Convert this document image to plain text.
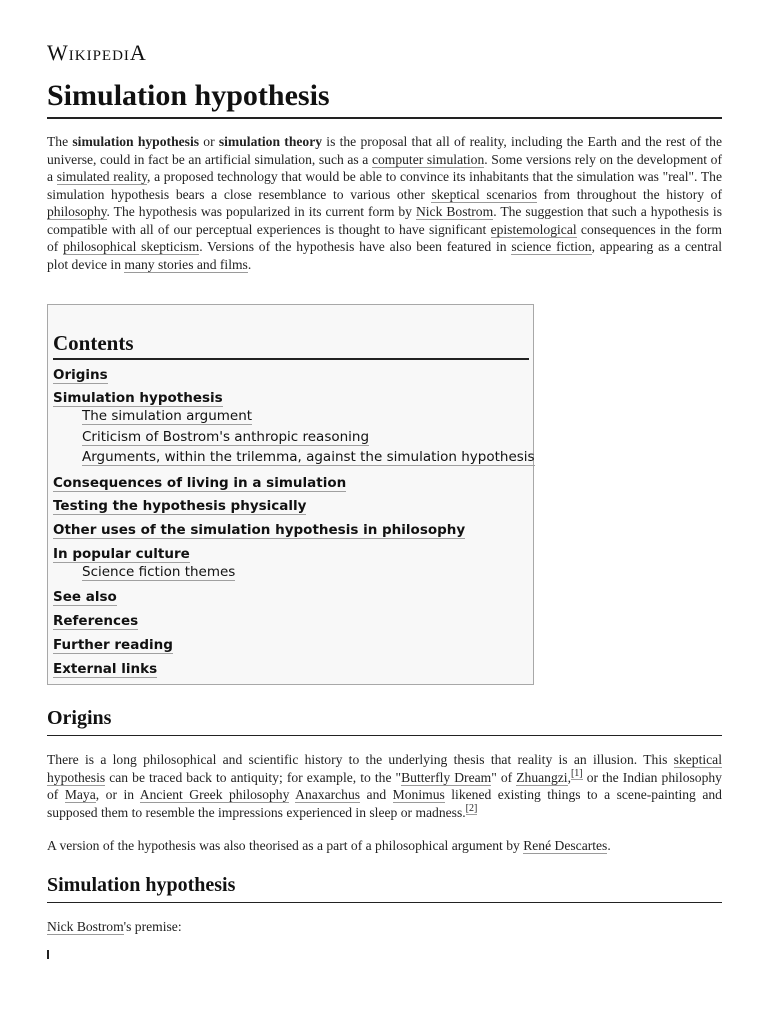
WikipediA
Simulation hypothesis

The simulation hypothesis or simulation theory is the proposal that all of reality, including the Earth and the rest of the universe, could in fact be an artificial simulation, such as a computer simulation. Some versions rely on the development of a simulated reality, a proposed technology that would be able to convince its inhabitants that the simulation was "real". The simulation hypothesis bears a close resemblance to various other skeptical scenarios from throughout the history of philosophy. The hypothesis was popularized in its current form by Nick Bostrom. The suggestion that such a hypothesis is compatible with all of our perceptual experiences is thought to have significant epistemological consequences in the form of philosophical skepticism. Versions of the hypothesis have also been featured in science fiction, appearing as a central plot device in many stories and films.

Contents
Origins
Simulation hypothesis
The simulation argument
Criticism of Bostrom's anthropic reasoning
Arguments, within the trilemma, against the simulation hypothesis
Consequences of living in a simulation
Testing the hypothesis physically
Other uses of the simulation hypothesis in philosophy
In popular culture
Science fiction themes
See also
References
Further reading
External links
Origins

There is a long philosophical and scientific history to the underlying thesis that reality is an illusion. This skeptical hypothesis can be traced back to antiquity; for example, to the "Butterfly Dream" of Zhuangzi,[1] or the Indian philosophy of Maya, or in Ancient Greek philosophy Anaxarchus and Monimus likened existing things to a scene-painting and supposed them to resemble the impressions experienced in sleep or madness.[2]

A version of the hypothesis was also theorised as a part of a philosophical argument by René Descartes.

Simulation hypothesis

Nick Bostrom's premise:
